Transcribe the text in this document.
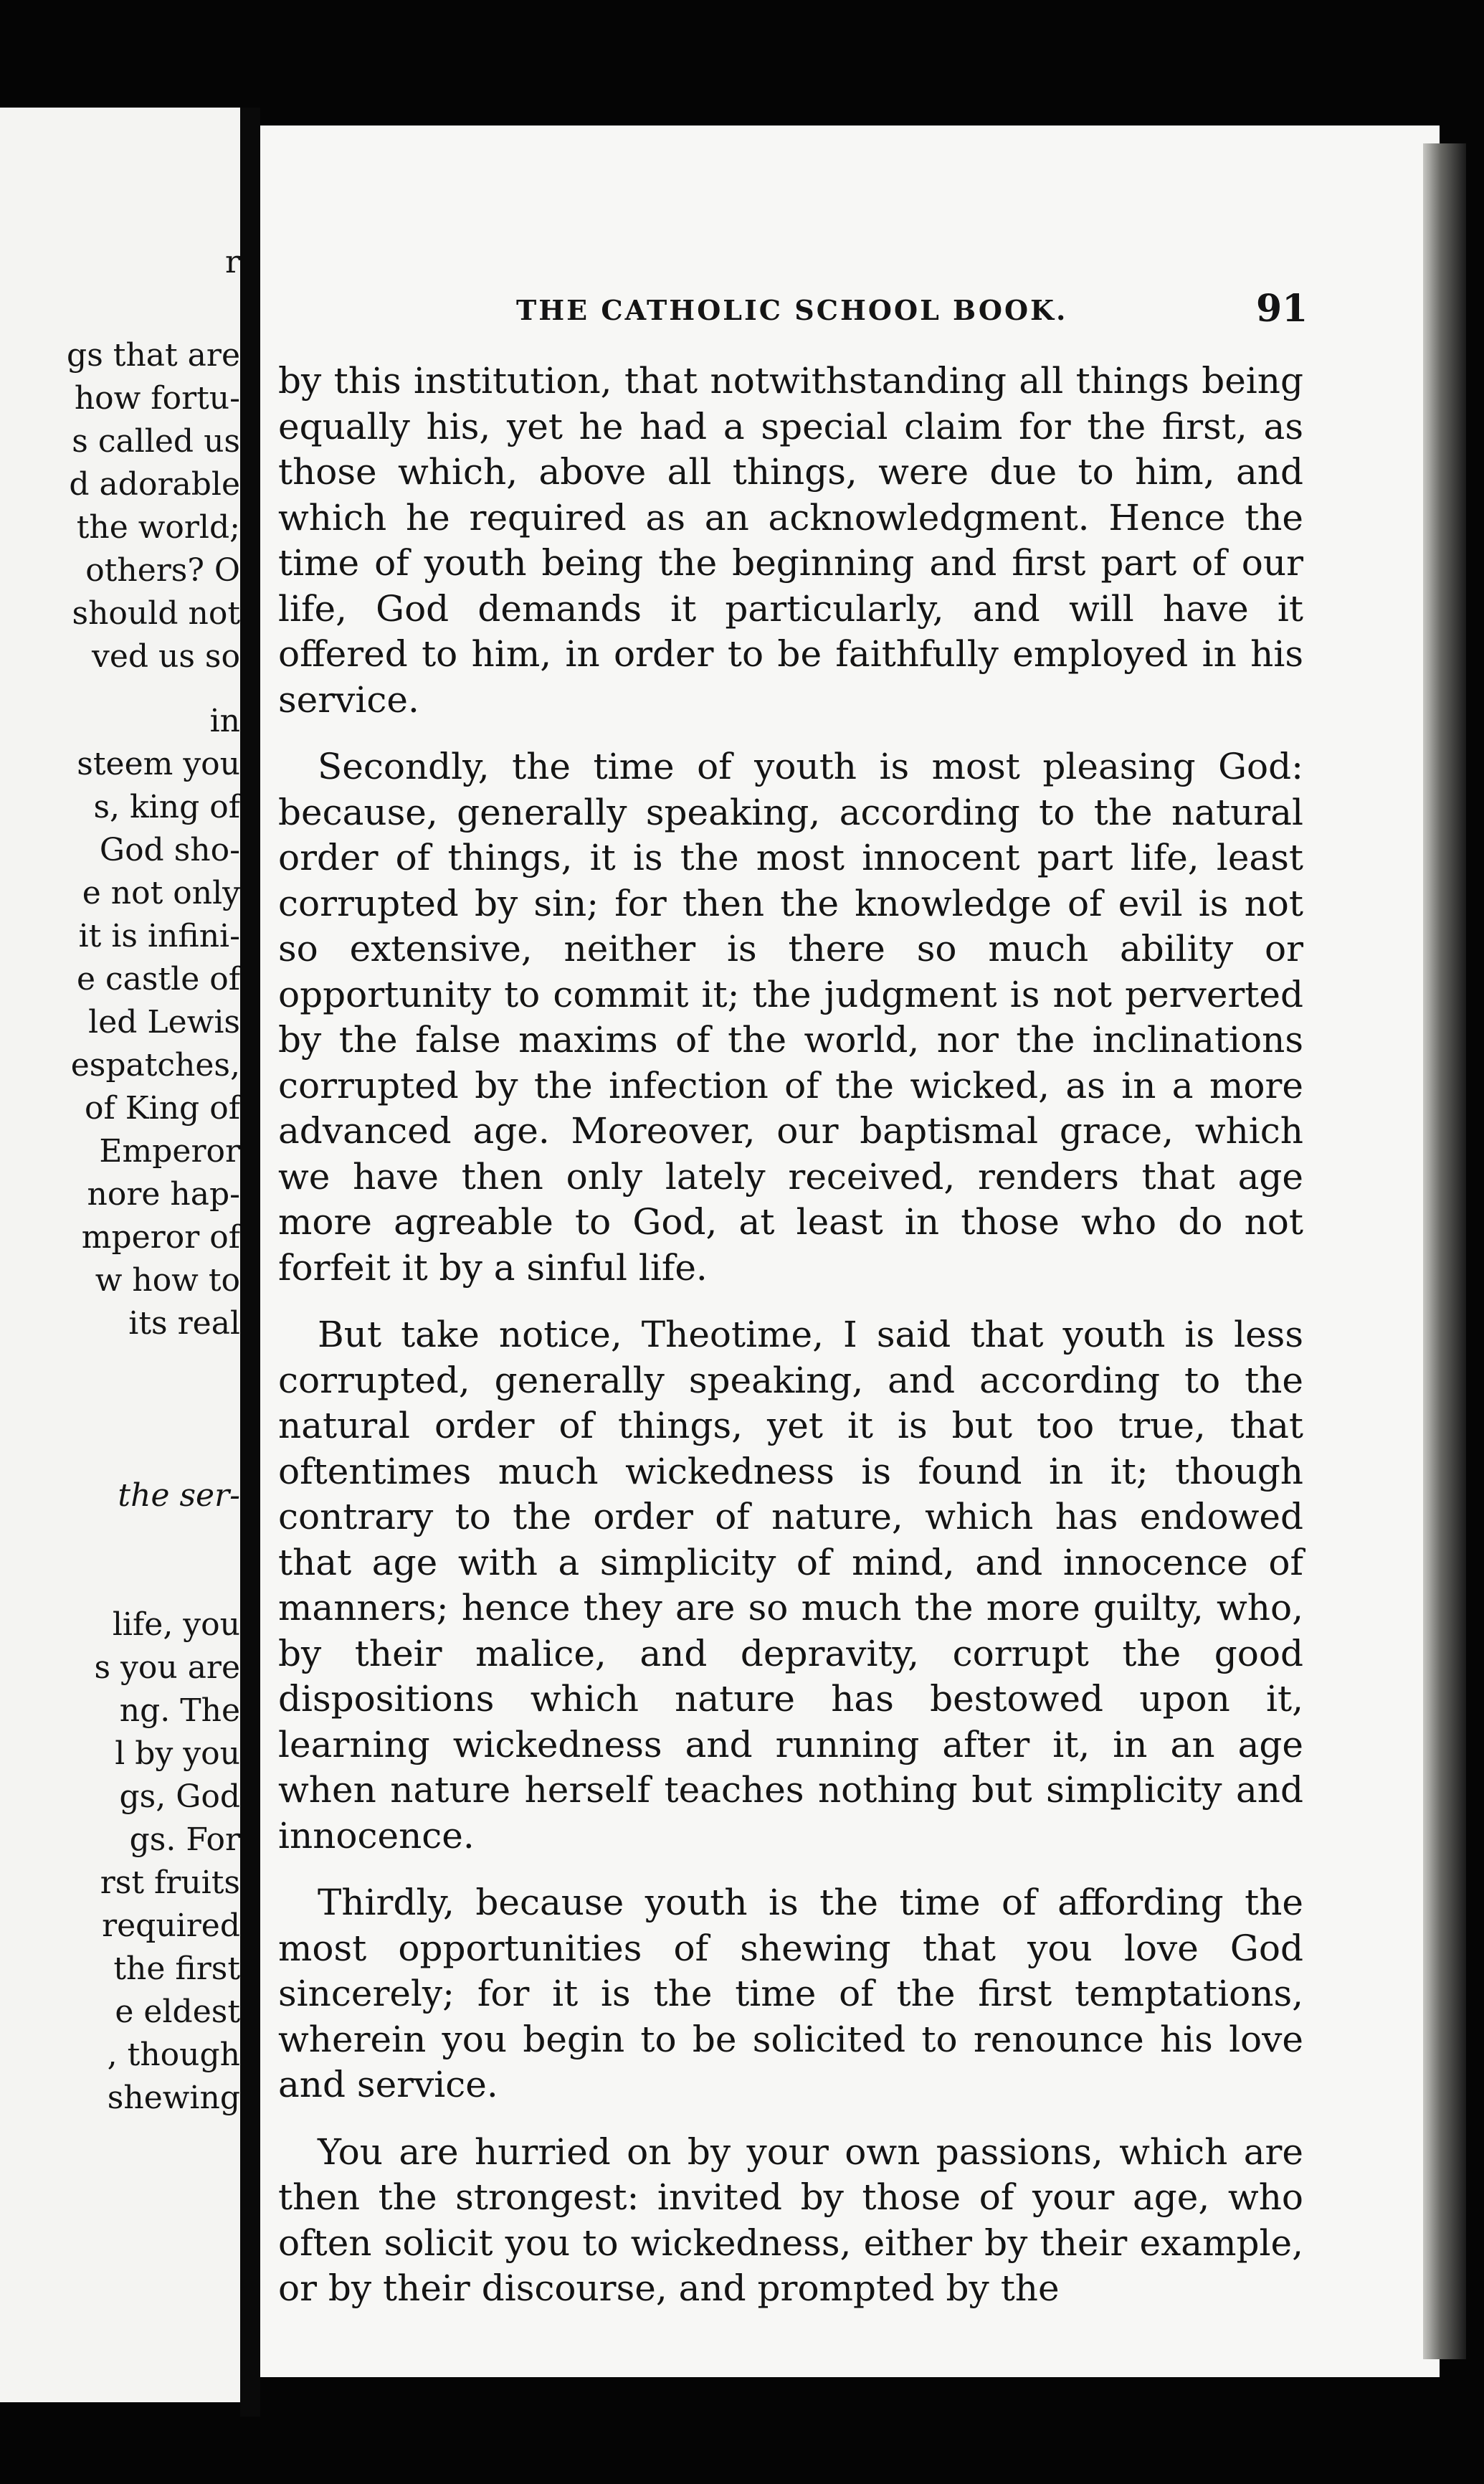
r
gs that are
how fortu-
s called us
d adorable
the world;
others? O
should not
ved us so
in
steem you
s, king of
God sho-
e not only
it is infini-
e castle of
led Lewis
espatches,
of King of
Emperor
nore hap-
mperor of
w how to
its real
the ser-
life, you
s you are
ng. The
l by you
gs, God
gs. For
rst fruits
required
the first
e eldest
, though
shewing
THE CATHOLIC SCHOOL BOOK.	91

by this institution, that notwithstanding all things being equally his, yet he had a special claim for the first, as those which, above all things, were due to him, and which he required as an acknowledgment. Hence the time of youth being the beginning and first part of our life, God demands it particularly, and will have it offered to him, in order to be faithfully employed in his service.

Secondly, the time of youth is most pleasing God: because, generally speaking, according to the natural order of things, it is the most innocent part life, least corrupted by sin; for then the knowledge of evil is not so extensive, neither is there so much ability or opportunity to commit it; the judgment is not perverted by the false maxims of the world, nor the inclinations corrupted by the infection of the wicked, as in a more advanced age. Moreover, our baptismal grace, which we have then only lately received, renders that age more agreable to God, at least in those who do not forfeit it by a sinful life.

But take notice, Theotime, I said that youth is less corrupted, generally speaking, and according to the natural order of things, yet it is but too true, that oftentimes much wickedness is found in it; though contrary to the order of nature, which has endowed that age with a simplicity of mind, and innocence of manners; hence they are so much the more guilty, who, by their malice, and depravity, corrupt the good dispositions which nature has bestowed upon it, learning wickedness and running after it, in an age when nature herself teaches nothing but simplicity and innocence.

Thirdly, because youth is the time of affording the most opportunities of shewing that you love God sincerely; for it is the time of the first temptations, wherein you begin to be solicited to renounce his love and service.

You are hurried on by your own passions, which are then the strongest: invited by those of your age, who often solicit you to wickedness, either by their example, or by their discourse, and prompted by the
